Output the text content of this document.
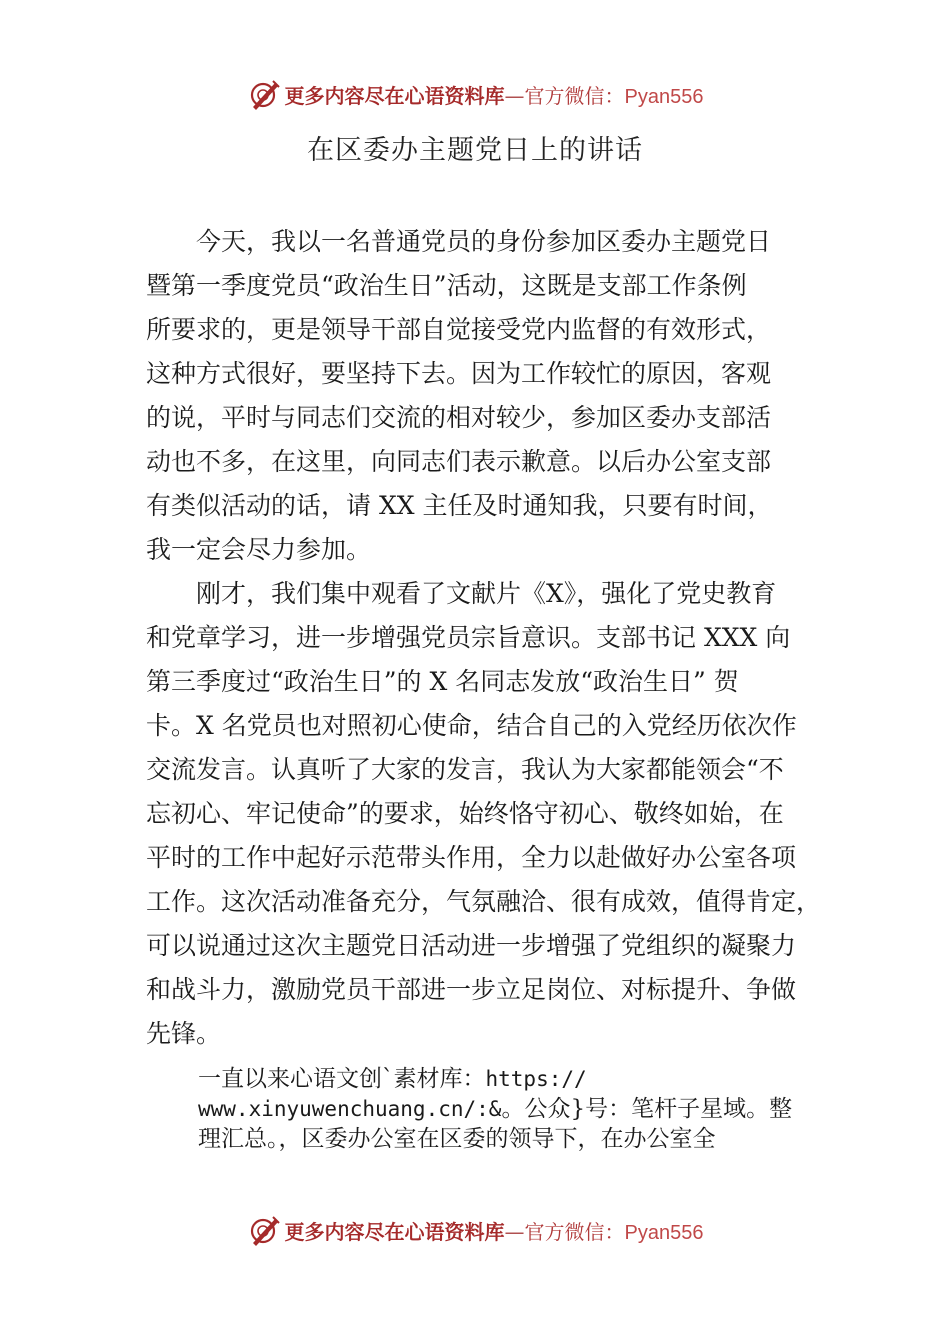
更多内容尽在心语资料库—官方微信：Pyan556
在区委办主题党日上的讲话
今天，我以一名普通党员的身份参加区委办主题党日
暨第一季度党员“政治生日”活动，这既是支部工作条例
所要求的，更是领导干部自觉接受党内监督的有效形式，
这种方式很好，要坚持下去。因为工作较忙的原因，客观
的说，平时与同志们交流的相对较少，参加区委办支部活
动也不多，在这里，向同志们表示歉意。以后办公室支部
有类似活动的话，请 XX 主任及时通知我，只要有时间，
我一定会尽力参加。
刚才，我们集中观看了文献片《X》，强化了党史教育
和党章学习，进一步增强党员宗旨意识。支部书记 XXX 向
第三季度过“政治生日”的 X 名同志发放“政治生日” 贺
卡。X 名党员也对照初心使命，结合自己的入党经历依次作
交流发言。认真听了大家的发言，我认为大家都能领会“不
忘初心、牢记使命”的要求，始终恪守初心、敬终如始，在
平时的工作中起好示范带头作用，全力以赴做好办公室各项
工作。这次活动准备充分，气氛融洽、很有成效，值得肯定，
可以说通过这次主题党日活动进一步增强了党组织的凝聚力
和战斗力，激励党员干部进一步立足岗位、对标提升、争做
先锋。
一直以来心语文创`素材库：https://
www.xinyuwenchuang.cn/:&。公众}号：笔杆子星域。整
理汇总。，区委办公室在区委的领导下，在办公室全
更多内容尽在心语资料库—官方微信：Pyan556
